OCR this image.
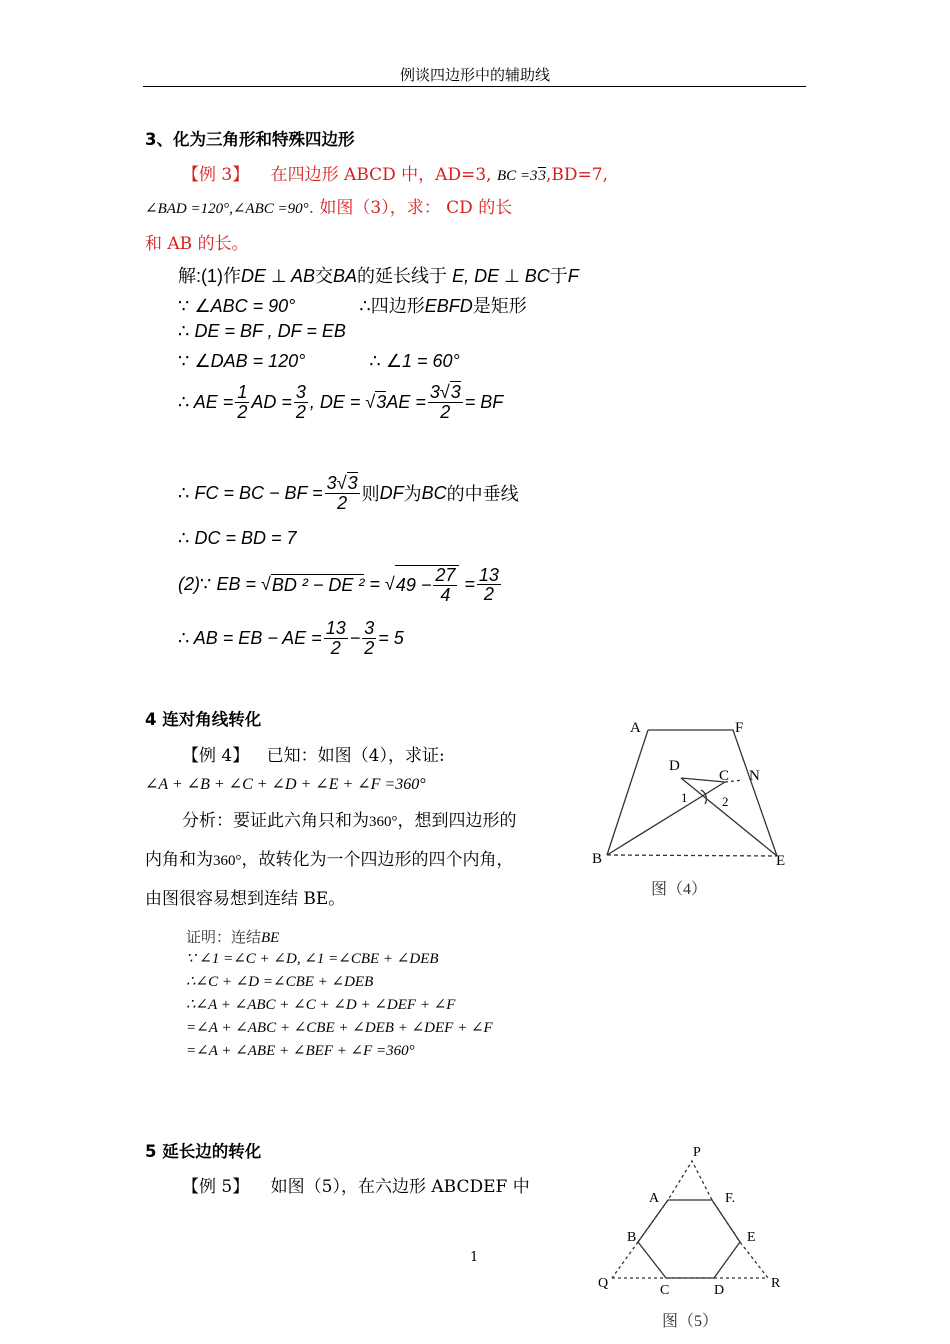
例谈四边形中的辅助线
3、化为三角形和特殊四边形
【例 3】 在四边形 ABCD 中，AD=3, BC =33,BD=7,
∠BAD =120°,∠ABC =90°. 如图（3），求： CD 的长
和 AB 的长。
解:(1)作DE ⊥ AB交BA的延长线于 E, DE ⊥ BC于F
∵ ∠ABC = 90°	∴四边形EBFD是矩形
∴ DE = BF , DF = EB
∵ ∠DAB = 120°	∴ ∠1 = 60°
∴ AE = $\frac{1}{2}$ AD = $\frac{3}{2}$ , DE = √ 3 AE = $\frac{3√3}{2}$ = BF
∴ FC = BC − BF = $\frac{3√3}{2}$ 则 DF 为 BC 的中垂线
∴ DC = BD = 7
(2)∵ EB = √ BD ² − DE ²
= √ $49 - \frac{27}{4}$
= $\frac{13}{2}$
∴ AB = EB − AE = $\frac{13}{2} - \frac{3}{2} = 5$
4 连对角线转化
【例 4】 已知：如图（4），求证:
∠A + ∠B + ∠C + ∠D + ∠E + ∠F =360°
分析：要证此六角只和为360°，想到四边形的
内角和为360°，故转化为一个四边形的四个内角，
由图很容易想到连结 BE。
证明：连结BE
∵ ∠1 =∠C + ∠D, ∠1 =∠CBE + ∠DEB
∴∠C + ∠D =∠CBE + ∠DEB
∴∠A + ∠ABC + ∠C + ∠D + ∠DEF + ∠F
=∠A + ∠ABC + ∠CBE + ∠DEB + ∠DEF + ∠F
=∠A + ∠ABE + ∠BEF + ∠F =360°
A	F
D
C N
1	2
B	E
图（4）
5 延长边的转化
【例 5】 如图（5），在六边形 ABCDEF 中
P
A	F.
B	E
Q	C	D	R
图（5）
1
